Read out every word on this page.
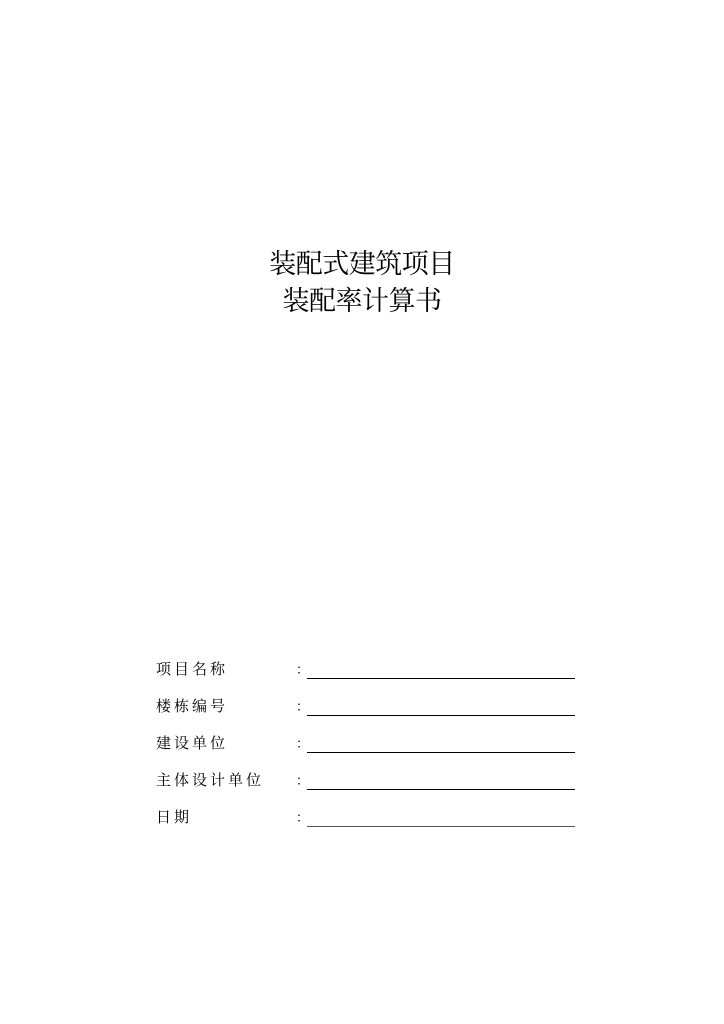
装配式建筑项目
装配率计算书
项目名称	：
楼栋编号	：
建设单位	：
主体设计单位 ：
日期	：
